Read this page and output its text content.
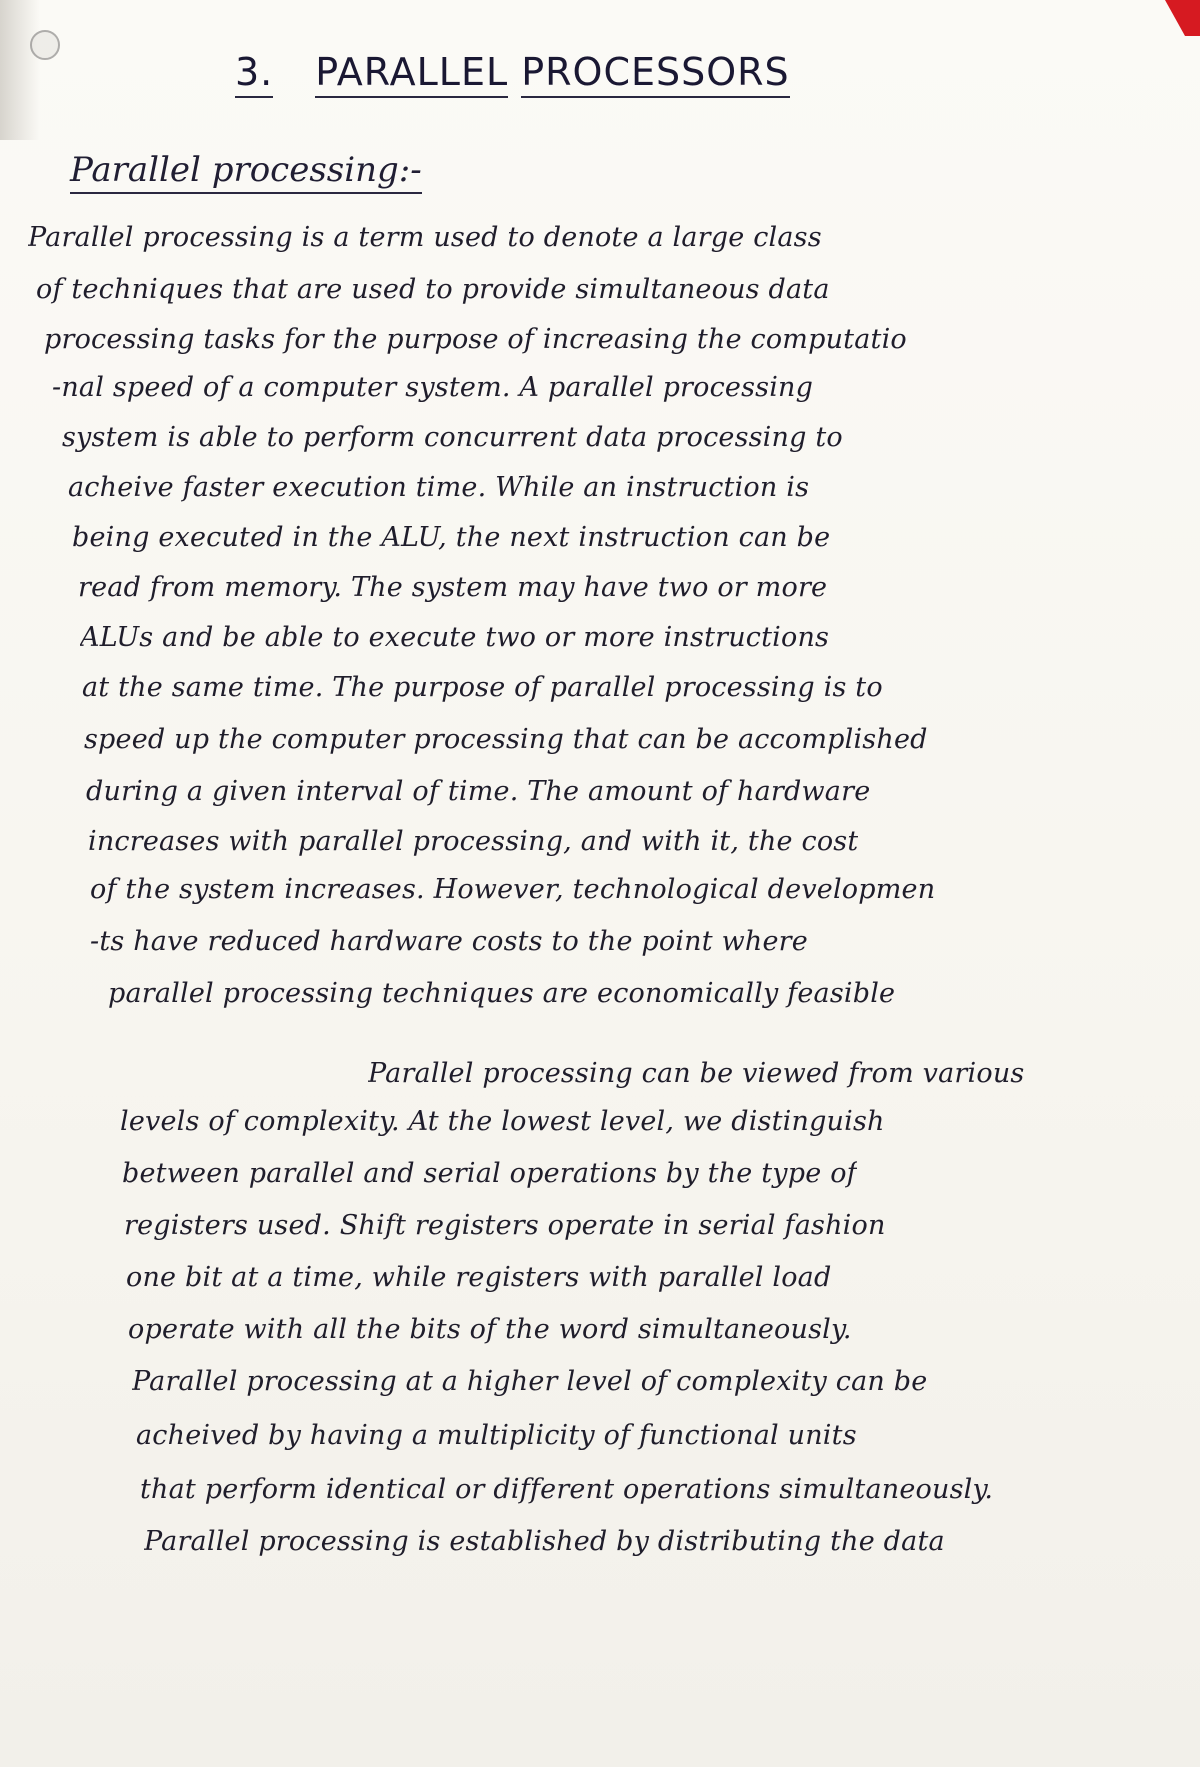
3. PARALLEL PROCESSORS
Parallel processing:-
Parallel processing is a term used to denote a large class
of techniques that are used to provide simultaneous data
processing tasks for the purpose of increasing the computatio
-nal speed of a computer system. A parallel processing
system is able to perform concurrent data processing to
acheive faster execution time. While an instruction is
being executed in the ALU, the next instruction can be
read from memory. The system may have two or more
ALUs and be able to execute two or more instructions
at the same time. The purpose of parallel processing is to
speed up the computer processing that can be accomplished
during a given interval of time. The amount of hardware
increases with parallel processing, and with it, the cost
of the system increases. However, technological developmen
-ts have reduced hardware costs to the point where
parallel processing techniques are economically feasible
Parallel processing can be viewed from various
levels of complexity. At the lowest level, we distinguish
between parallel and serial operations by the type of
registers used. Shift registers operate in serial fashion
one bit at a time, while registers with parallel load
operate with all the bits of the word simultaneously.
Parallel processing at a higher level of complexity can be
acheived by having a multiplicity of functional units
that perform identical or different operations simultaneously.
Parallel processing is established by distributing the data
